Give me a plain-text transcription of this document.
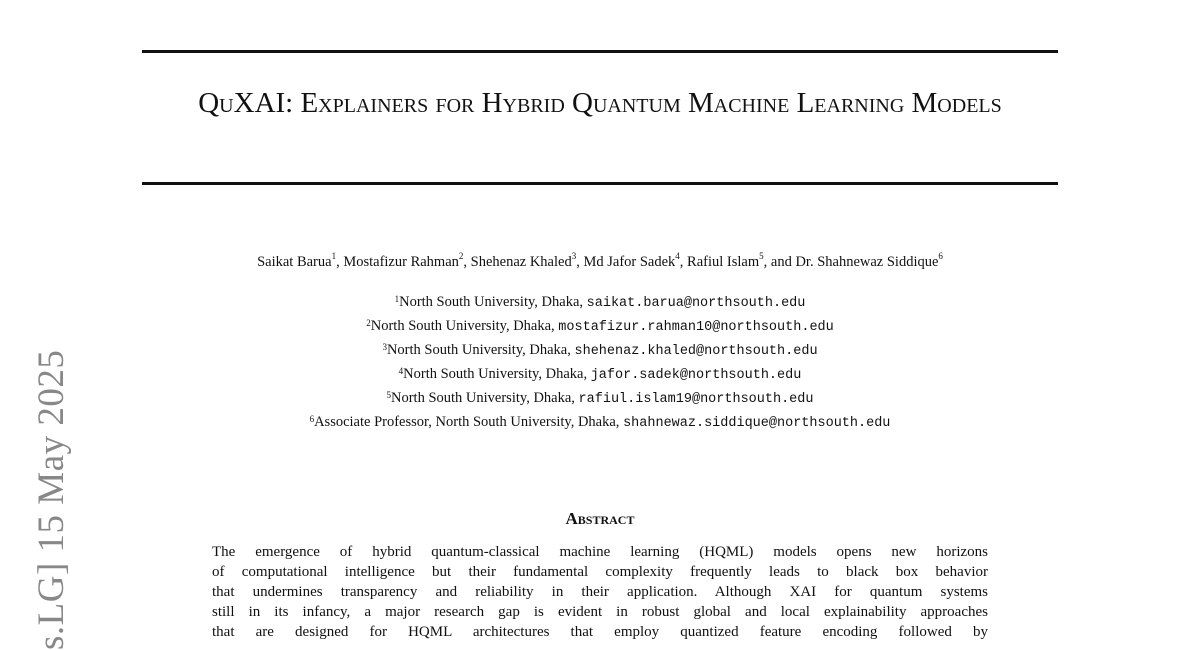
s.LG] 15 May 2025
QuXAI: Explainers for Hybrid Quantum Machine Learning Models
Saikat Barua$^1$, Mostafizur Rahman$^2$, Shehenaz Khaled$^3$, Md Jafor Sadek$^4$, Rafiul Islam$^5$, and Dr. Shahnewaz Siddique$^6$
$^1$North South University, Dhaka, saikat.barua@northsouth.edu
$^2$North South University, Dhaka, mostafizur.rahman10@northsouth.edu
$^3$North South University, Dhaka, shehenaz.khaled@northsouth.edu
$^4$North South University, Dhaka, jafor.sadek@northsouth.edu
$^5$North South University, Dhaka, rafiul.islam19@northsouth.edu
$^6$Associate Professor, North South University, Dhaka, shahnewaz.siddique@northsouth.edu
Abstract

The emergence of hybrid quantum-classical machine learning (HQML) models opens new horizons

of computational intelligence but their fundamental complexity frequently leads to black box behavior

that undermines transparency and reliability in their application. Although XAI for quantum systems

still in its infancy, a major research gap is evident in robust global and local explainability approaches

that are designed for HQML architectures that employ quantized feature encoding followed by
